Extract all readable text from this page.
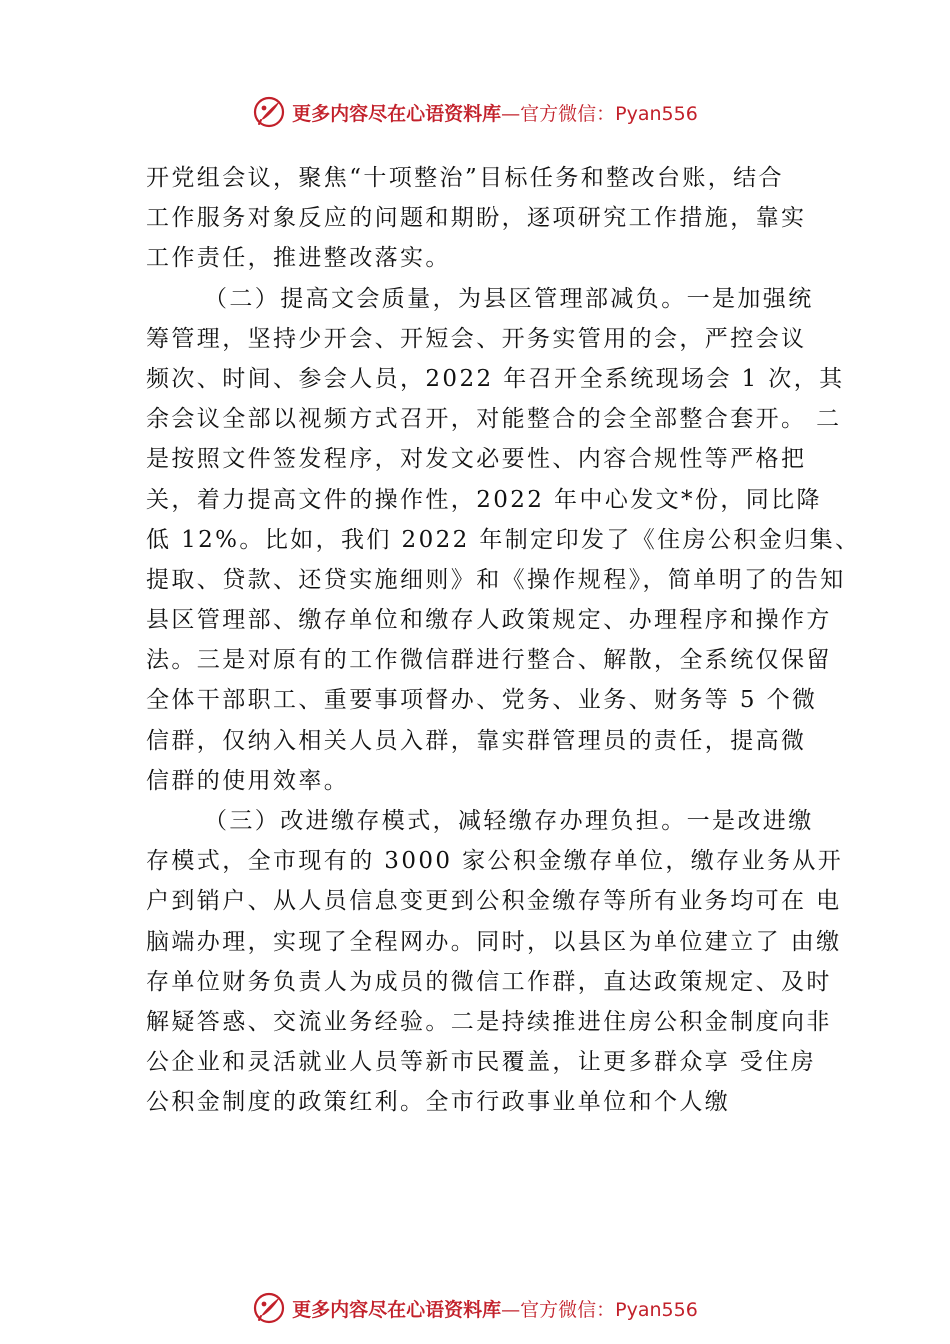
更多内容尽在心语资料库—官方微信：Pyan556
开党组会议，聚焦“十项整治”目标任务和整改台账，结合
工作服务对象反应的问题和期盼，逐项研究工作措施，靠实
工作责任，推进整改落实。
（二）提高文会质量，为县区管理部减负。一是加强统
筹管理，坚持少开会、开短会、开务实管用的会，严控会议
频次、时间、参会人员，2022 年召开全系统现场会 1 次，其
余会议全部以视频方式召开，对能整合的会全部整合套开。 二
是按照文件签发程序，对发文必要性、内容合规性等严格把
关，着力提高文件的操作性，2022 年中心发文*份，同比降
低 12%。比如，我们 2022 年制定印发了《住房公积金归集、
提取、贷款、还贷实施细则》和《操作规程》，简单明了的告知
县区管理部、缴存单位和缴存人政策规定、办理程序和操作方
法。三是对原有的工作微信群进行整合、解散，全系统仅保留
全体干部职工、重要事项督办、党务、业务、财务等 5 个微
信群，仅纳入相关人员入群，靠实群管理员的责任，提高微
信群的使用效率。
（三）改进缴存模式，减轻缴存办理负担。一是改进缴
存模式，全市现有的 3000 家公积金缴存单位，缴存业务从开
户到销户、从人员信息变更到公积金缴存等所有业务均可在 电
脑端办理，实现了全程网办。同时，以县区为单位建立了 由缴
存单位财务负责人为成员的微信工作群，直达政策规定、及时
解疑答惑、交流业务经验。二是持续推进住房公积金制度向非
公企业和灵活就业人员等新市民覆盖，让更多群众享 受住房
公积金制度的政策红利。全市行政事业单位和个人缴
更多内容尽在心语资料库—官方微信：Pyan556
